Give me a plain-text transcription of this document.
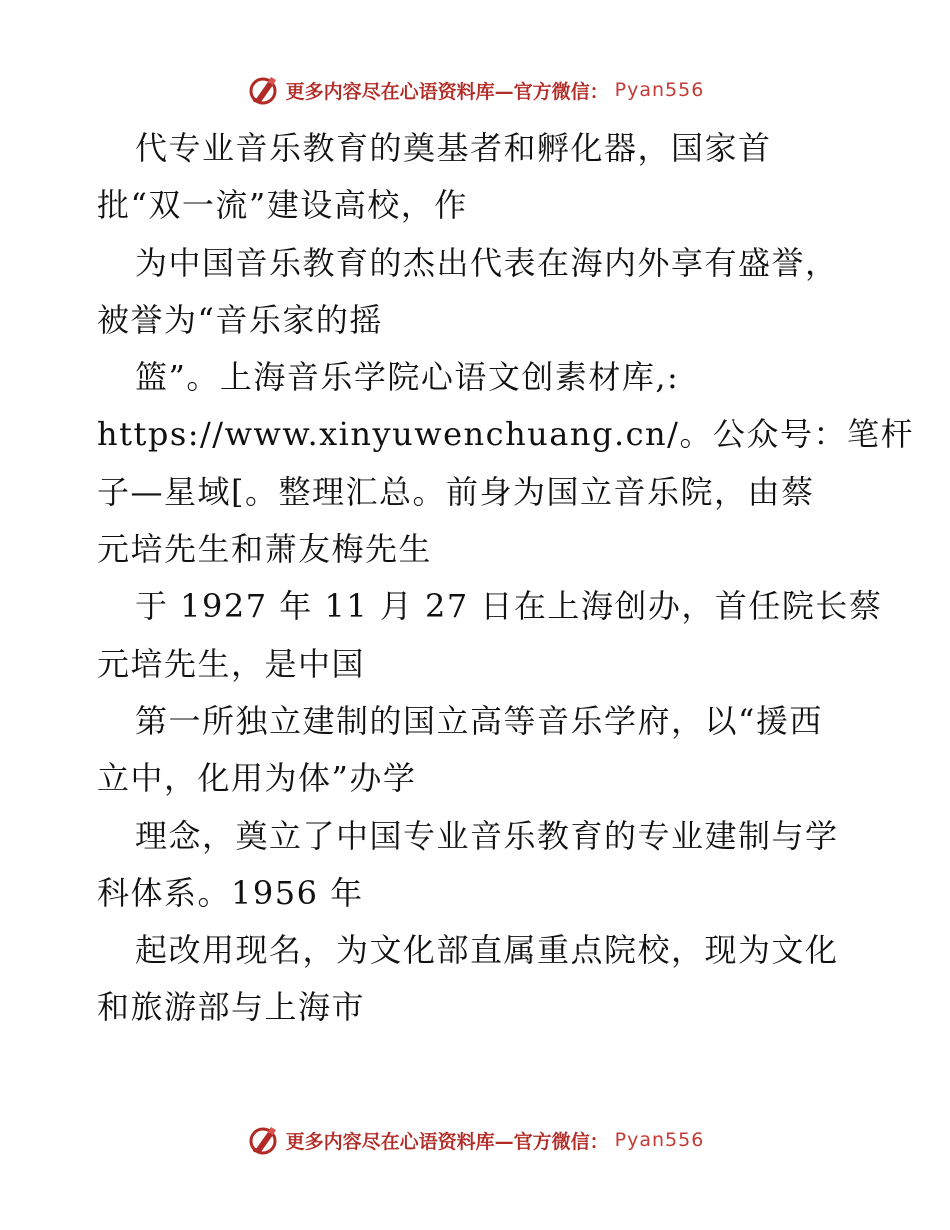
更多内容尽在心语资料库—官方微信： Pyan556
代专业音乐教育的奠基者和孵化器，国家首
批“双一流”建设高校，作
为中国音乐教育的杰出代表在海内外享有盛誉，
被誉为“音乐家的摇
篮”。上海音乐学院心语文创素材库,:
https://www.xinyuwenchuang.cn/。公众号：笔杆
子—星域[。整理汇总。前身为国立音乐院，由蔡
元培先生和萧友梅先生
于 1927 年 11 月 27 日在上海创办，首任院长蔡
元培先生，是中国
第一所独立建制的国立高等音乐学府，以“援西
立中，化用为体”办学
理念，奠立了中国专业音乐教育的专业建制与学
科体系。1956 年
起改用现名，为文化部直属重点院校，现为文化
和旅游部与上海市
更多内容尽在心语资料库—官方微信： Pyan556
